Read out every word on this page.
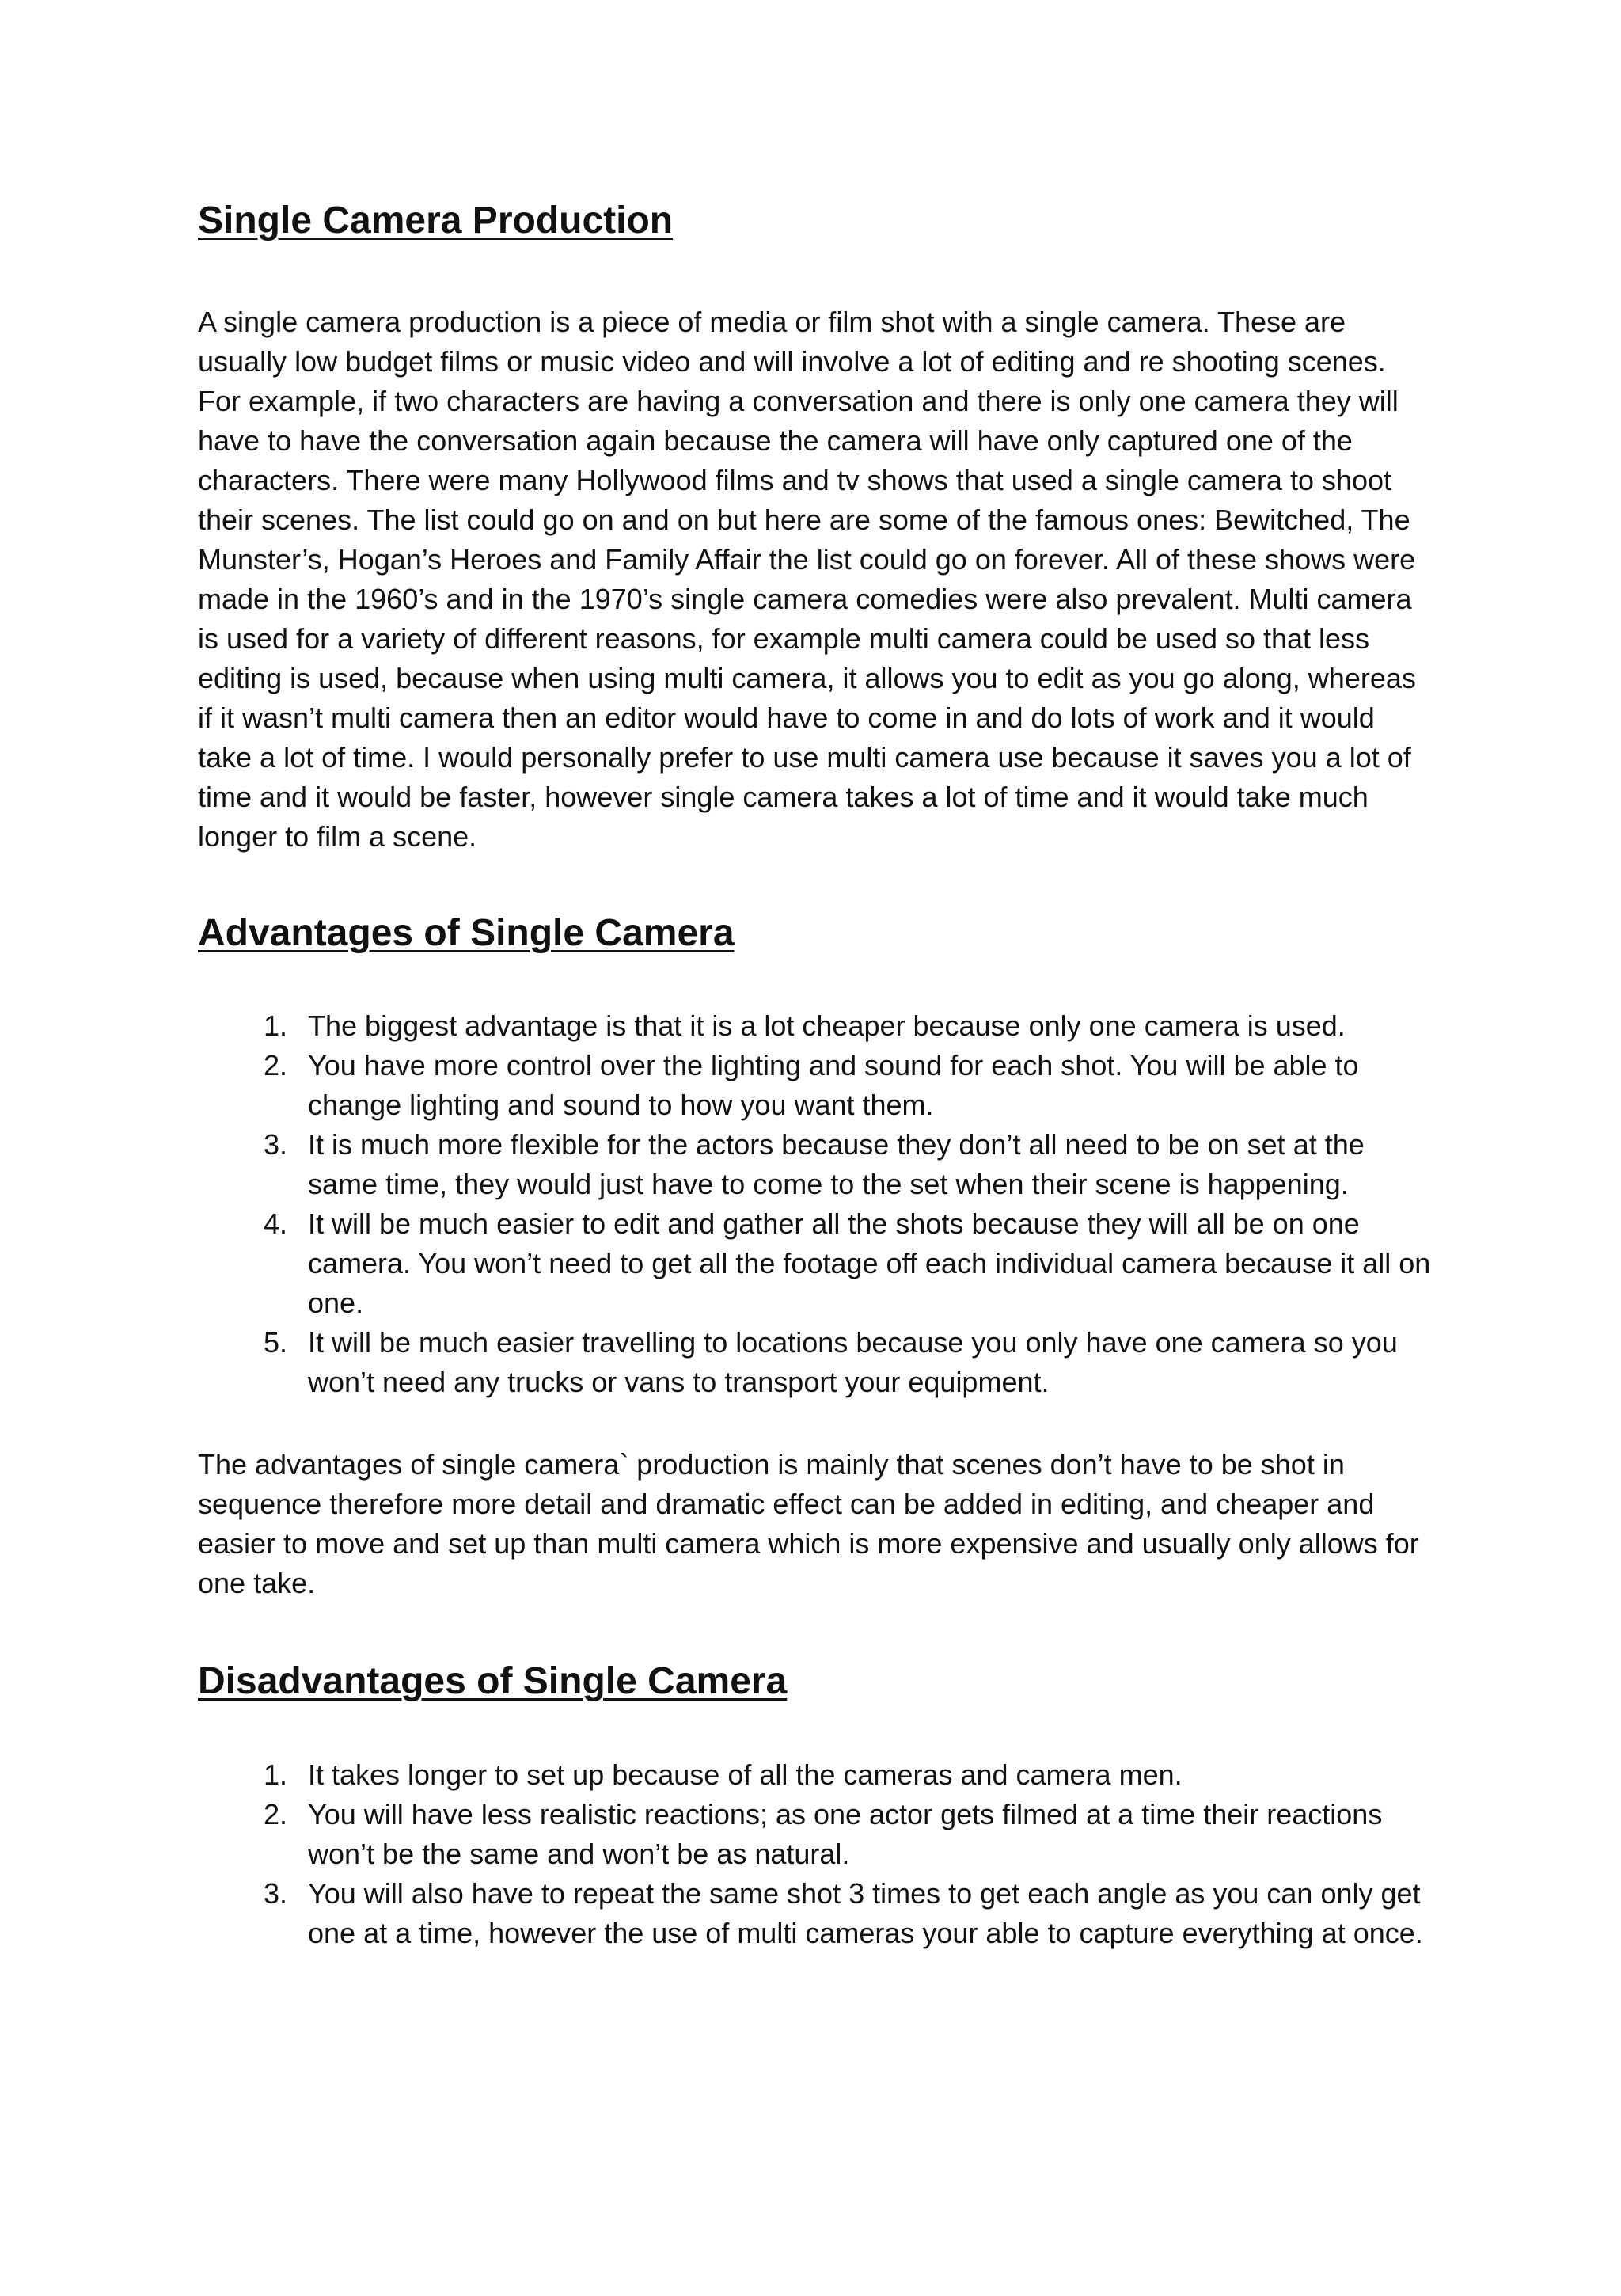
Single Camera Production

A single camera production is a piece of media or film shot with a single camera. These are usually low budget films or music video and will involve a lot of editing and re shooting scenes. For example, if two characters are having a conversation and there is only one camera they will have to have the conversation again because the camera will have only captured one of the characters. There were many Hollywood films and tv shows that used a single camera to shoot their scenes. The list could go on and on but here are some of the famous ones: Bewitched, The Munster’s, Hogan’s Heroes and Family Affair the list could go on forever. All of these shows were made in the 1960’s and in the 1970’s single camera comedies were also prevalent. Multi camera is used for a variety of different reasons, for example multi camera could be used so that less editing is used, because when using multi camera, it allows you to edit as you go along, whereas if it wasn’t multi camera then an editor would have to come in and do lots of work and it would take a lot of time. I would personally prefer to use multi camera use because it saves you a lot of time and it would be faster, however single camera takes a lot of time and it would take much longer to film a scene.

Advantages of Single Camera
1. The biggest advantage is that it is a lot cheaper because only one camera is used.
2. You have more control over the lighting and sound for each shot. You will be able to change lighting and sound to how you want them.
3. It is much more flexible for the actors because they don’t all need to be on set at the same time, they would just have to come to the set when their scene is happening.
4. It will be much easier to edit and gather all the shots because they will all be on one camera. You won’t need to get all the footage off each individual camera because it all on one.
5. It will be much easier travelling to locations because you only have one camera so you won’t need any trucks or vans to transport your equipment.

The advantages of single camera` production is mainly that scenes don’t have to be shot in sequence therefore more detail and dramatic effect can be added in editing, and cheaper and easier to move and set up than multi camera which is more expensive and usually only allows for one take.

Disadvantages of Single Camera
1. It takes longer to set up because of all the cameras and camera men.
2. You will have less realistic reactions; as one actor gets filmed at a time their reactions won’t be the same and won’t be as natural.
3. You will also have to repeat the same shot 3 times to get each angle as you can only get one at a time, however the use of multi cameras your able to capture everything at once.
